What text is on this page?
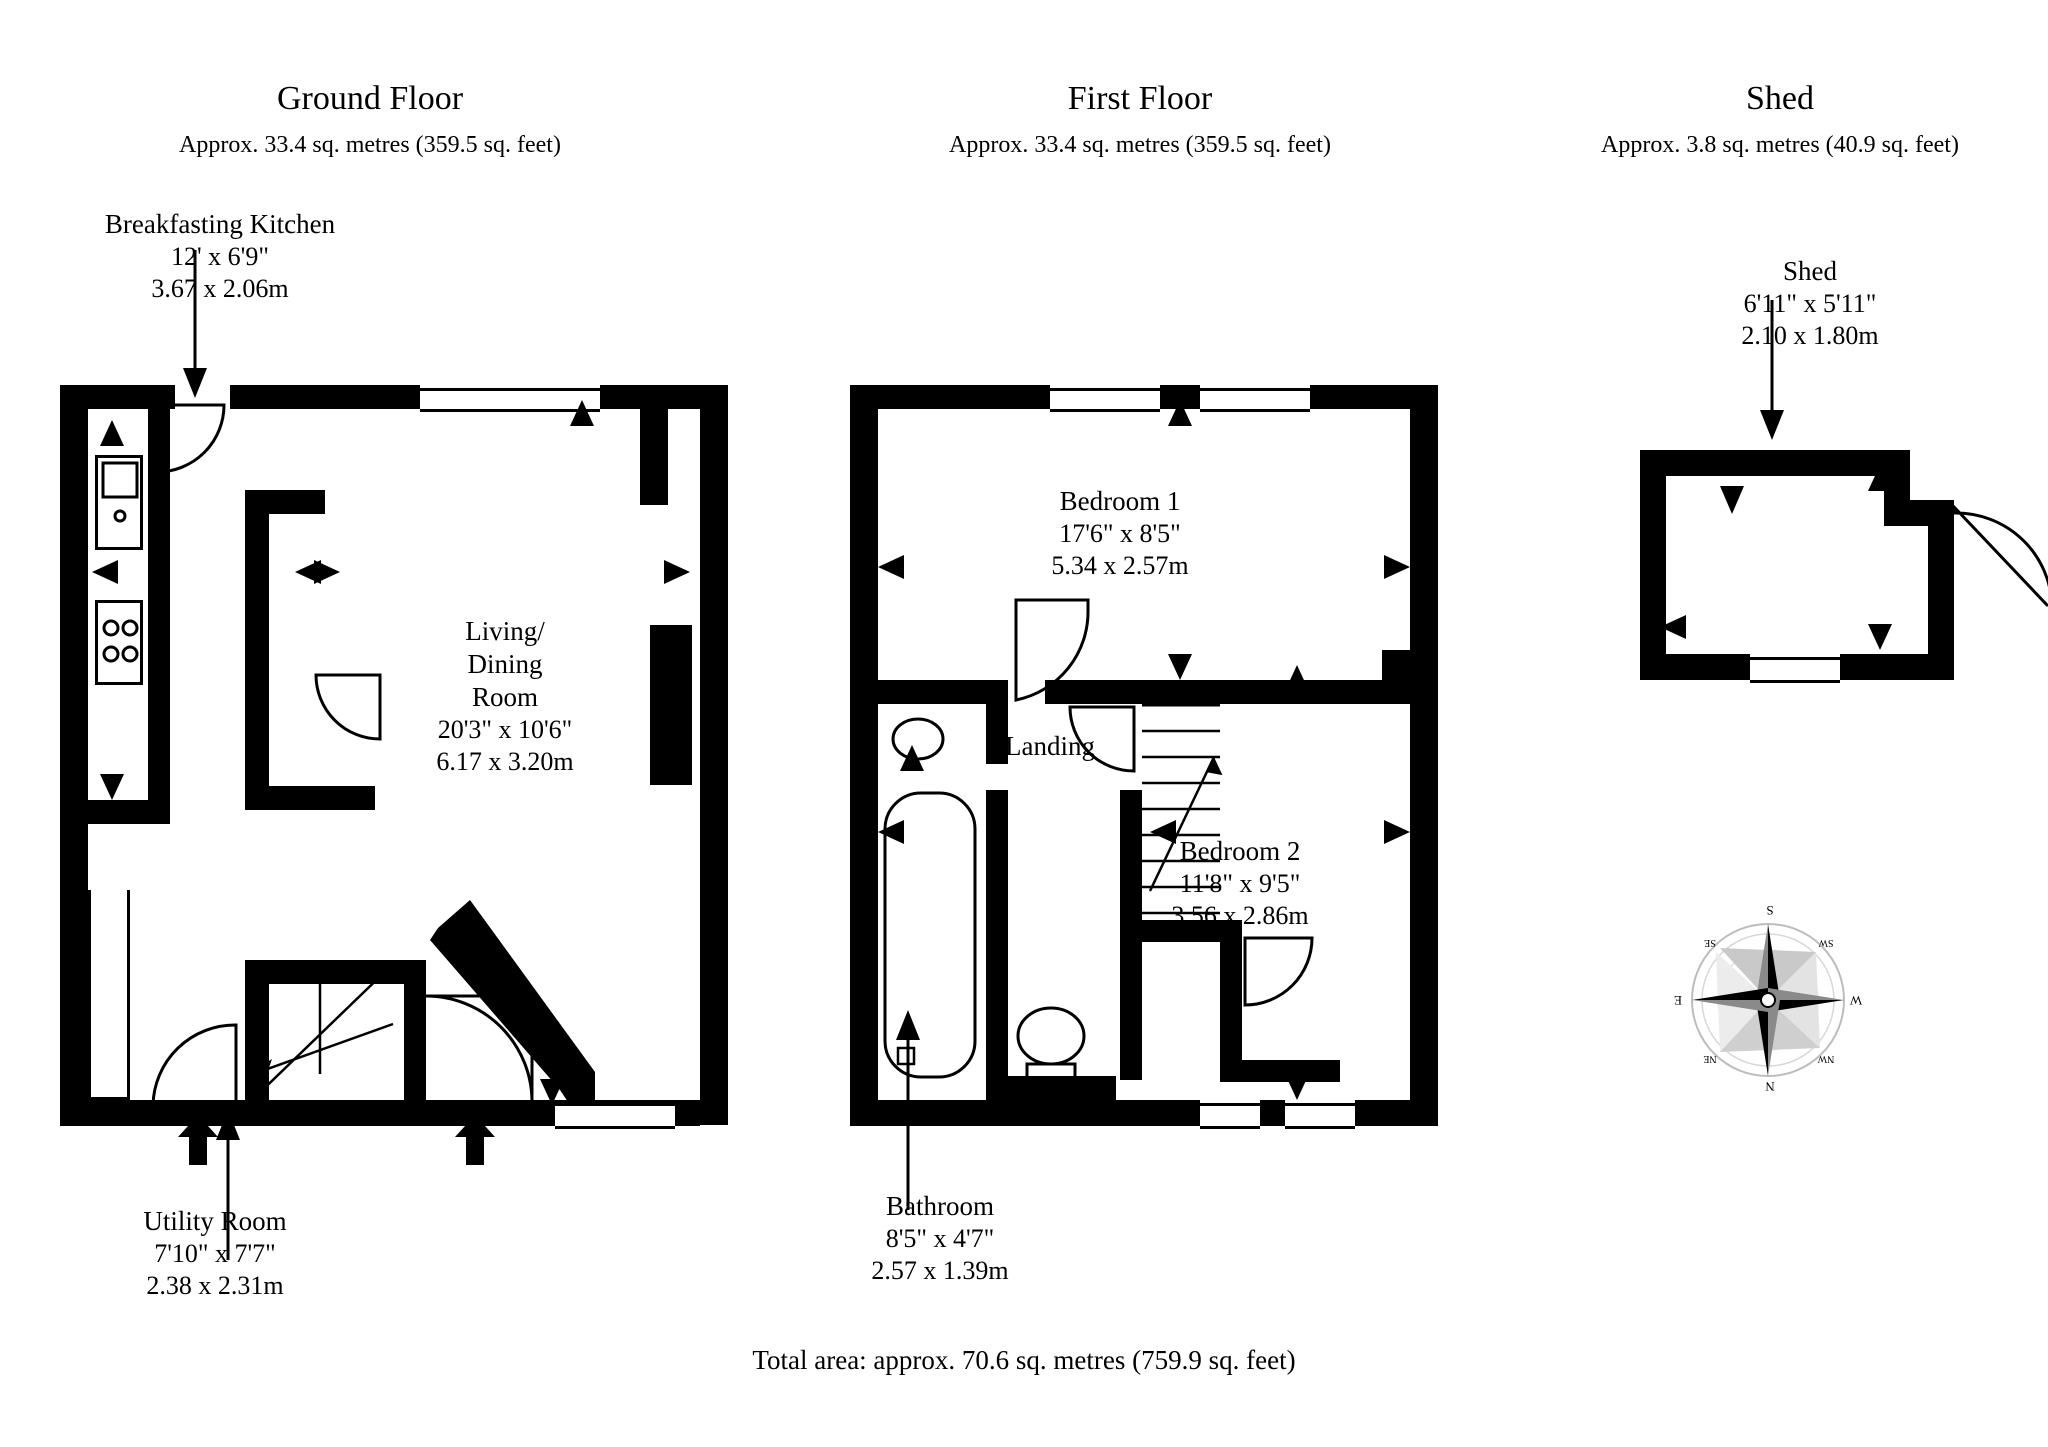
Ground Floor
Approx. 33.4 sq. metres (359.5 sq. feet)
First Floor
Approx. 33.4 sq. metres (359.5 sq. feet)
Shed
Approx. 3.8 sq. metres (40.9 sq. feet)
Breakfasting Kitchen
12' x 6'9"
3.67 x 2.06m
Living/
Dining
Room
20'3" x 10'6"
6.17 x 3.20m
Utility Room
7'10" x 7'7"
2.38 x 2.31m
Bedroom 1
17'6" x 8'5"
5.34 x 2.57m
Bedroom 2
11'8" x 9'5"
3.56 x 2.86m
Landing
Bathroom
8'5" x 4'7"
2.57 x 1.39m
Shed
6'11" x 5'11"
2.10 x 1.80m
N
E
S
W
NE
SE	SW
NW
Total area: approx. 70.6 sq. metres (759.9 sq. feet)
